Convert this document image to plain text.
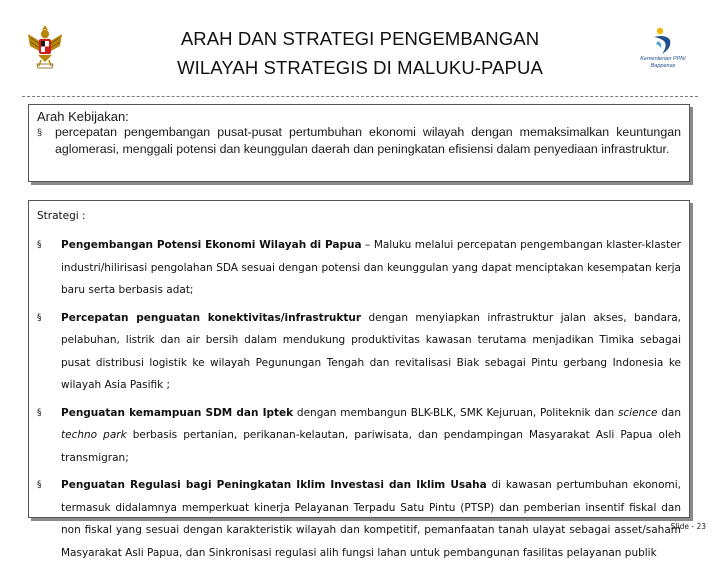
ARAH DAN STRATEGI PENGEMBANGAN
WILAYAH STRATEGIS DI MALUKU-PAPUA	Kementerian PPN/
Bappenas
Arah Kebijakan:
§	percepatan pengembangan pusat-pusat pertumbuhan ekonomi wilayah dengan memaksimalkan keuntungan aglomerasi, menggali potensi dan keunggulan daerah dan peningkatan efisiensi dalam penyediaan infrastruktur.
Strategi :
§	Pengembangan Potensi Ekonomi Wilayah di Papua – Maluku melalui percepatan pengembangan klaster-klaster industri/hilirisasi pengolahan SDA sesuai dengan potensi dan keunggulan yang dapat menciptakan kesempatan kerja baru serta berbasis adat;
§	Percepatan penguatan konektivitas/infrastruktur dengan menyiapkan infrastruktur jalan akses, bandara, pelabuhan, listrik dan air bersih dalam mendukung produktivitas kawasan terutama menjadikan Timika sebagai pusat distribusi logistik ke wilayah Pegunungan Tengah dan revitalisasi Biak sebagai Pintu gerbang Indonesia ke wilayah Asia Pasifik ;
§	Penguatan kemampuan SDM dan Iptek dengan membangun BLK-BLK, SMK Kejuruan, Politeknik dan science dan techno park berbasis pertanian, perikanan-kelautan, pariwisata, dan pendampingan Masyarakat Asli Papua oleh transmigran;
§	Penguatan Regulasi bagi Peningkatan Iklim Investasi dan Iklim Usaha di kawasan pertumbuhan ekonomi, termasuk didalamnya memperkuat kinerja Pelayanan Terpadu Satu Pintu (PTSP) dan pemberian insentif fiskal dan non fiskal yang sesuai dengan karakteristik wilayah dan kompetitif, pemanfaatan tanah ulayat sebagai asset/saham Masyarakat Asli Papua, dan Sinkronisasi regulasi alih fungsi lahan untuk pembangunan fasilitas pelayanan publik
Slide - 23
